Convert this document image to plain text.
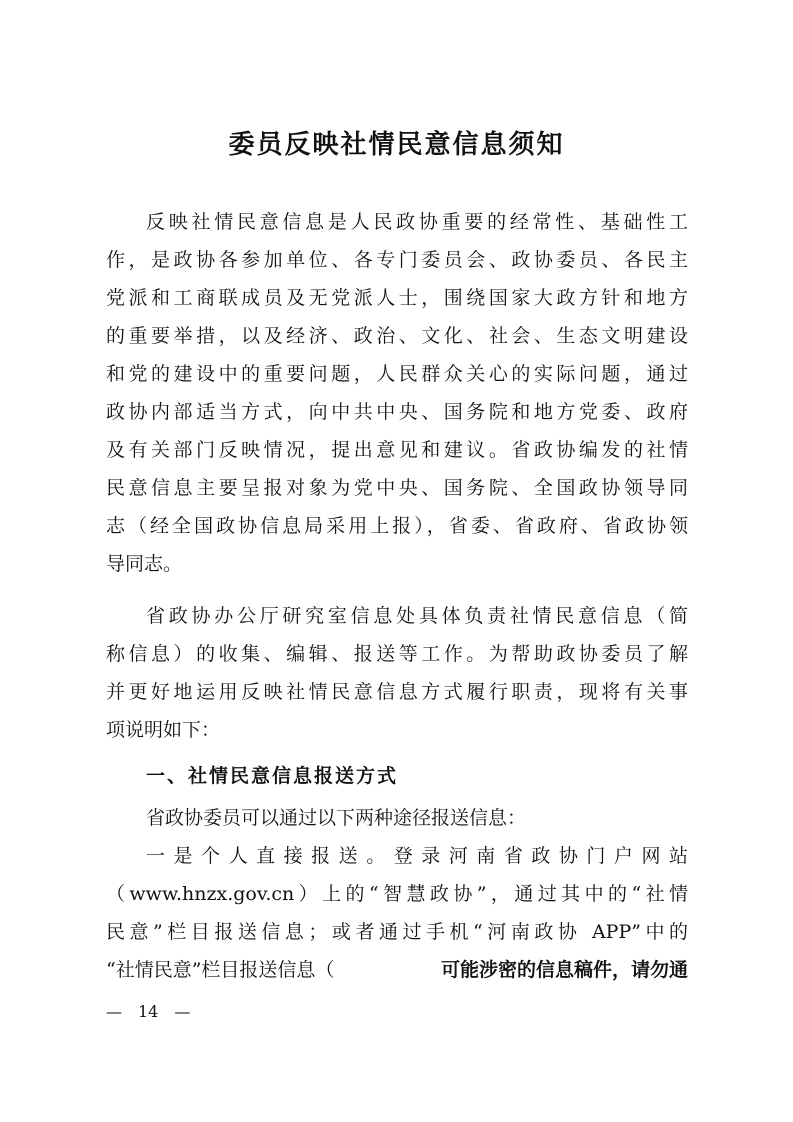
委员反映社情民意信息须知
反映社情民意信息是人民政协重要的经常性、基础性工
作，是政协各参加单位、各专门委员会、政协委员、各民主
党派和工商联成员及无党派人士，围绕国家大政方针和地方
的重要举措，以及经济、政治、文化、社会、生态文明建设
和党的建设中的重要问题，人民群众关心的实际问题，通过
政协内部适当方式，向中共中央、国务院和地方党委、政府
及有关部门反映情况，提出意见和建议。省政协编发的社情
民意信息主要呈报对象为党中央、国务院、全国政协领导同
志（经全国政协信息局采用上报），省委、省政府、省政协领
导同志。
省政协办公厅研究室信息处具体负责社情民意信息（简
称信息）的收集、编辑、报送等工作。为帮助政协委员了解
并更好地运用反映社情民意信息方式履行职责，现将有关事
项说明如下：
一、社情民意信息报送方式
省政协委员可以通过以下两种途径报送信息：
一是个人直接报送。登录河南省政协门户网站
（www.hnzx.gov.cn）上的“智慧政协”，通过其中的“社情
民意”栏目报送信息；或者通过手机“河南政协 APP”中的
“社情民意”栏目报送信息（	可能涉密的信息稿件，请勿通
—　14　—
